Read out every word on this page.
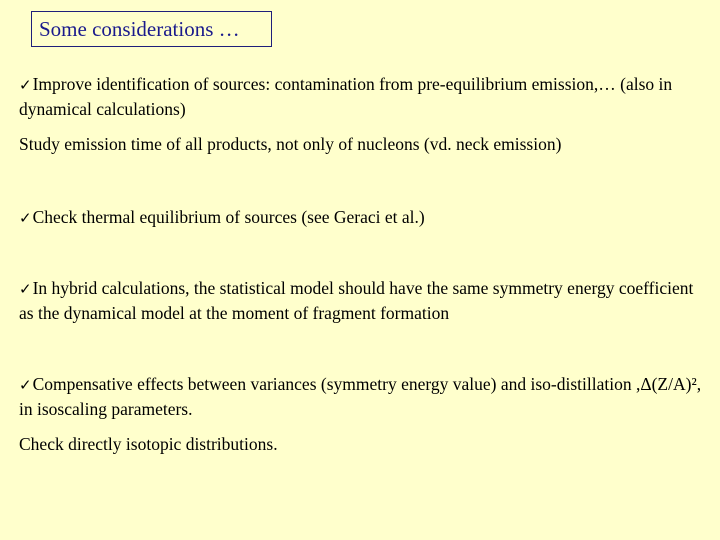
Some considerations …

✓Improve identification of sources: contamination from pre-equilibrium emission,… (also in dynamical calculations)

Study emission time of all products, not only of nucleons (vd. neck emission)

✓Check thermal equilibrium of sources (see Geraci et al.)

✓In hybrid calculations, the statistical model should have the same symmetry energy coefficient as the dynamical model at the moment of fragment formation

✓Compensative effects between variances (symmetry energy value) and iso-distillation ,Δ(Z/A)², in isoscaling parameters.

Check directly isotopic distributions.
